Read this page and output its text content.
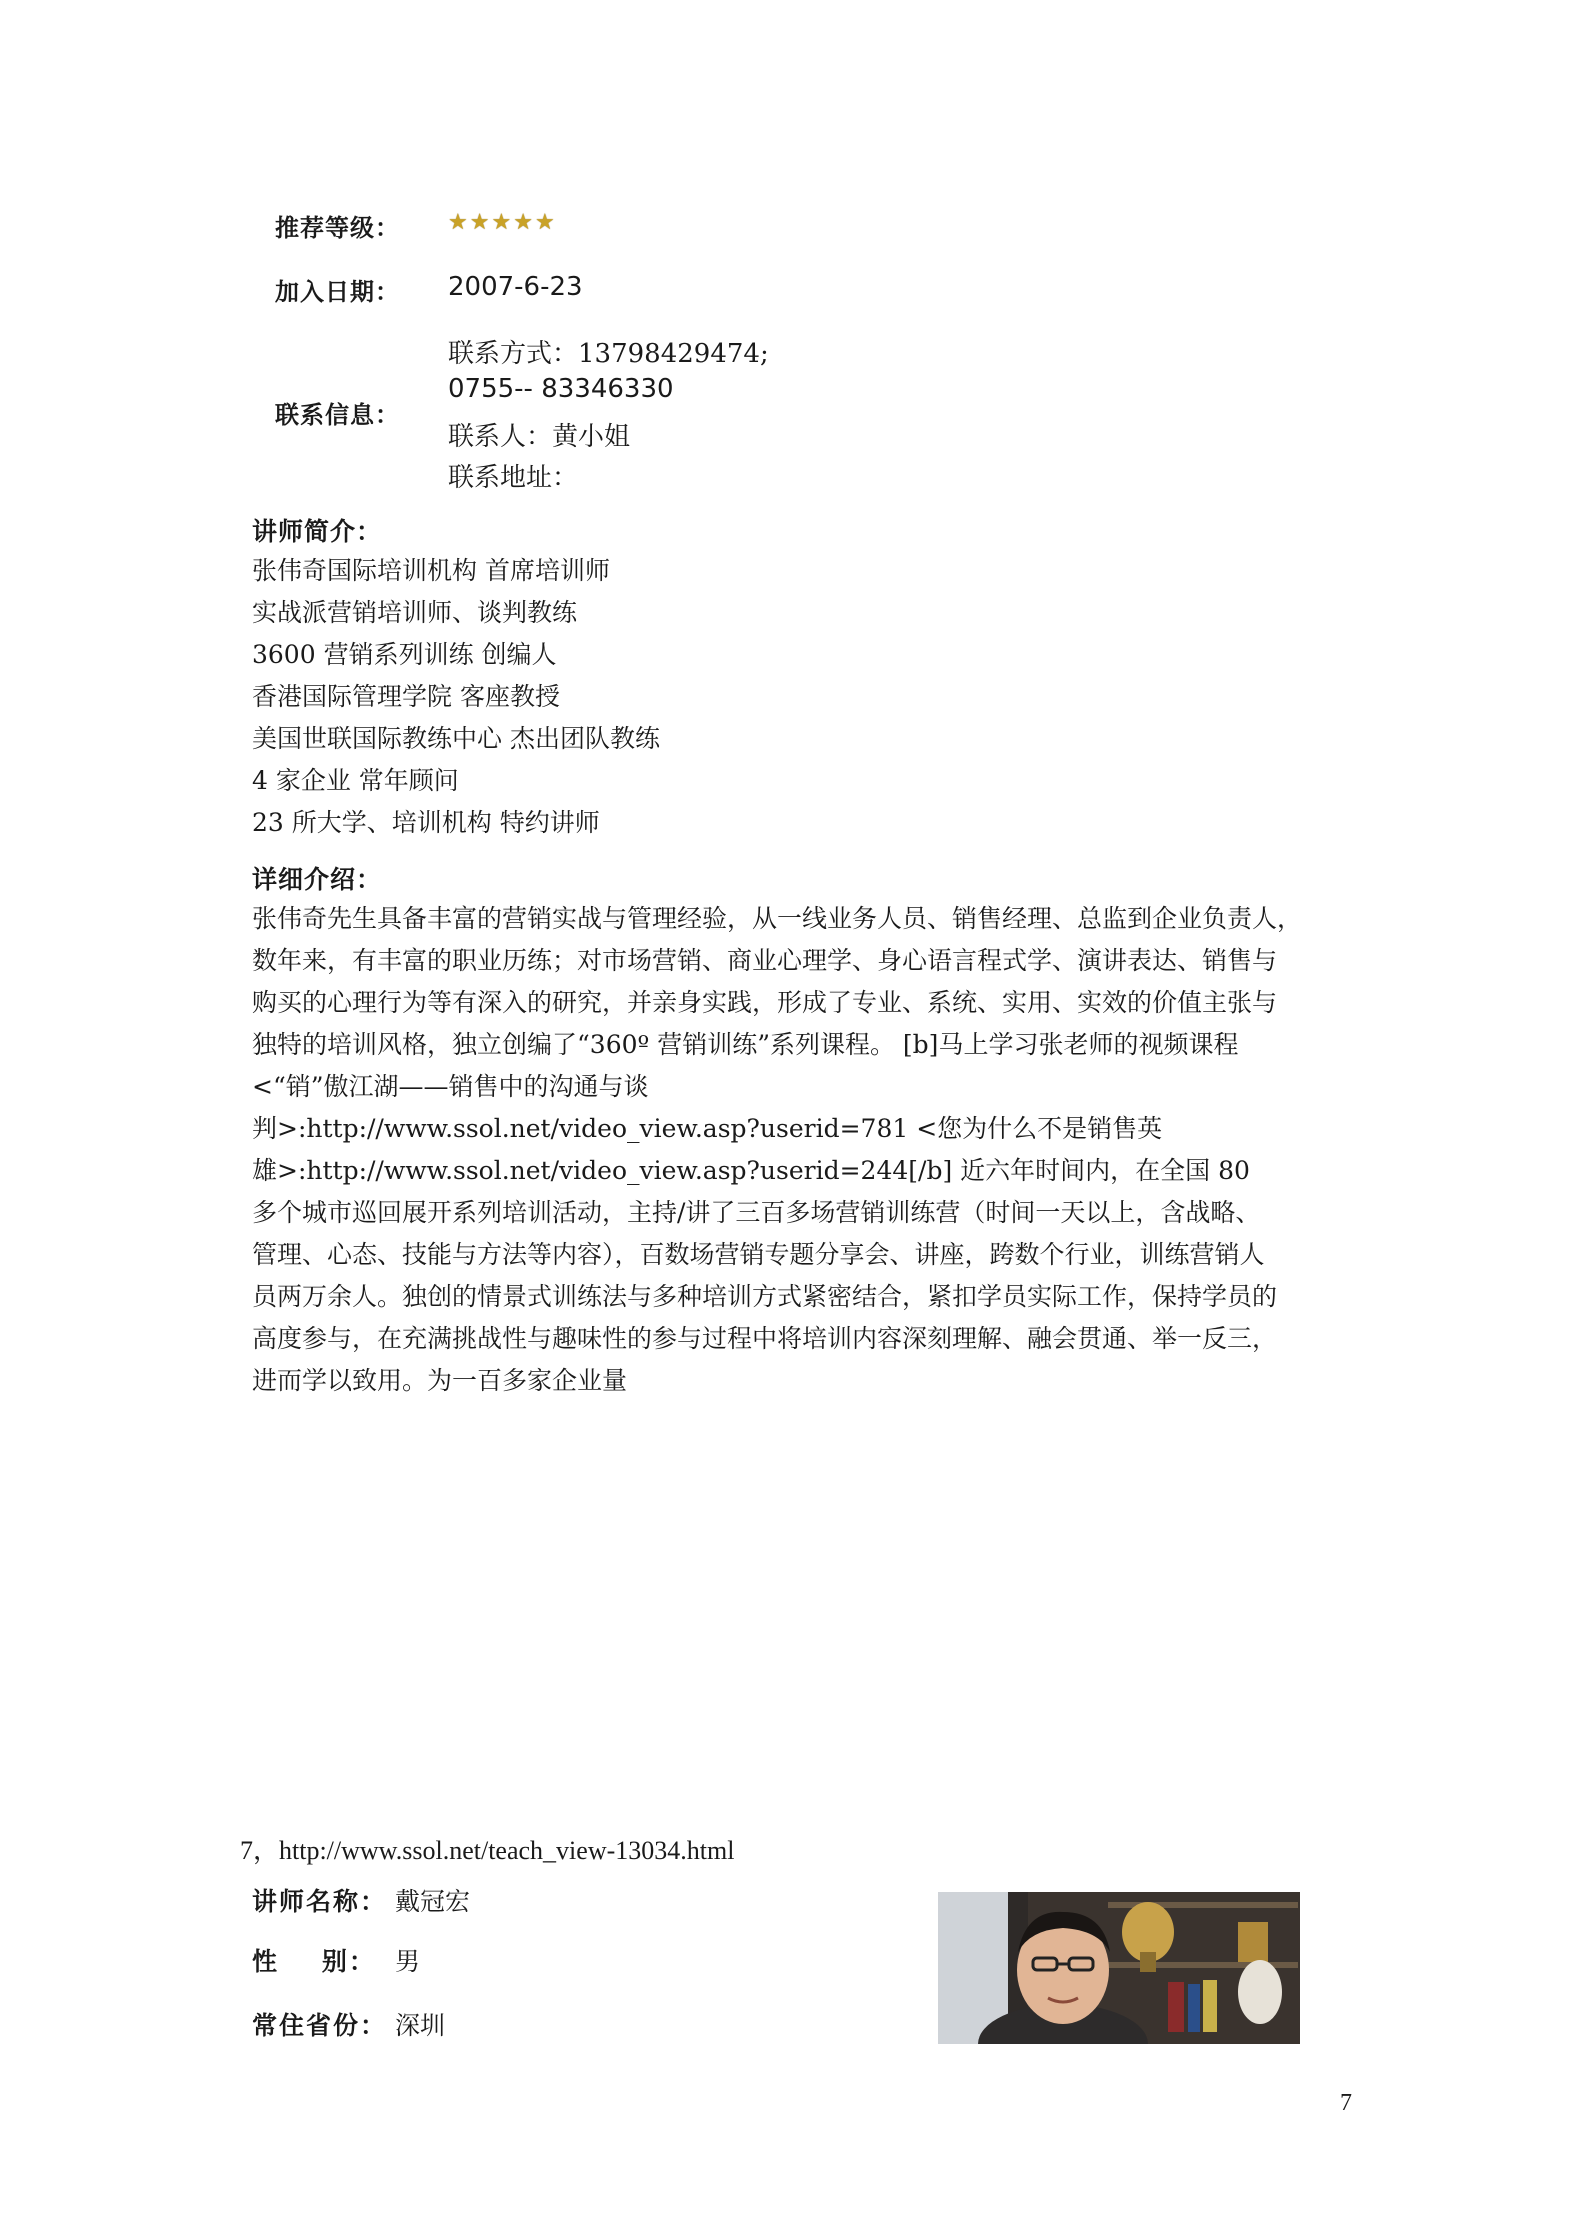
推荐等级： ★ ★ ★ ★ ★
加入日期： 2007-6-23
联系信息：
联系方式：13798429474;
0755-- 83346330
联系人：黄小姐
联系地址：
讲师简介：
张伟奇国际培训机构 首席培训师
实战派营销培训师、谈判教练
3600 营销系列训练 创编人
香港国际管理学院 客座教授
美国世联国际教练中心 杰出团队教练
4 家企业 常年顾问
23 所大学、培训机构 特约讲师
详细介绍：
张伟奇先生具备丰富的营销实战与管理经验，从一线业务人员、销售经理、总监到企业负责人，
数年来，有丰富的职业历练；对市场营销、商业心理学、身心语言程式学、演讲表达、销售与
购买的心理行为等有深入的研究，并亲身实践，形成了专业、系统、实用、实效的价值主张与
独特的培训风格，独立创编了“360º 营销训练”系列课程。 [b]马上学习张老师的视频课程
<“销”傲江湖——销售中的沟通与谈
判>:http://www.ssol.net/video_view.asp?userid=781 <您为什么不是销售英
雄>:http://www.ssol.net/video_view.asp?userid=244[/b] 近六年时间内，在全国 80
多个城市巡回展开系列培训活动，主持/讲了三百多场营销训练营（时间一天以上，含战略、
管理、心态、技能与方法等内容），百数场营销专题分享会、讲座，跨数个行业，训练营销人
员两万余人。独创的情景式训练法与多种培训方式紧密结合，紧扣学员实际工作，保持学员的
高度参与，在充满挑战性与趣味性的参与过程中将培训内容深刻理解、融会贯通、举一反三，
进而学以致用。为一百多家企业量
7，http://www.ssol.net/teach_view-13034.html
讲师名称： 戴冠宏
性    别： 男
常住省份： 深圳
7
